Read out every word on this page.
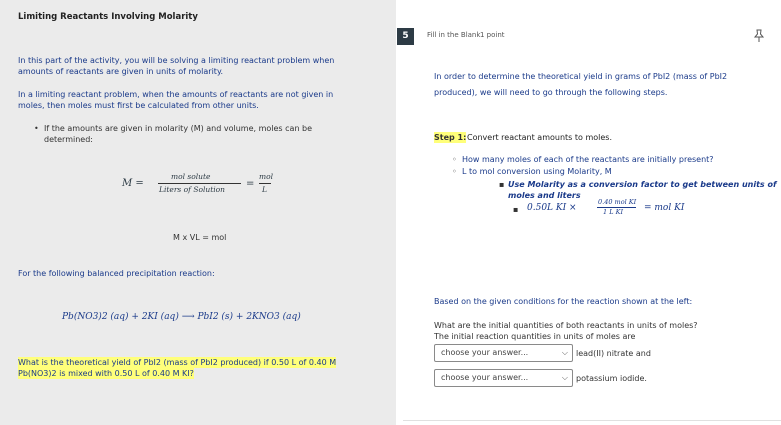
Limiting Reactants Involving Molarity
In this part of the activity, you will be solving a limiting reactant problem when
amounts of reactants are given in units of molarity.
In a limiting reactant problem, when the amounts of reactants are not given in
moles, then moles must first be calculated from other units.
• If the amounts are given in molarity (M) and volume, moles can be
determined:
M =
mol solute
Liters of Solution
=
mol
L
M x VL = mol
For the following balanced precipitation reaction:
Pb(NO3)2 (aq) + 2KI (aq) ⟶ PbI2 (s) + 2KNO3 (aq)
What is the theoretical yield of PbI2 (mass of PbI2 produced) if 0.50 L of 0.40 M
Pb(NO3)2 is mixed with 0.50 L of 0.40 M KI?
5	Fill in the Blank 1 point
In order to determine the theoretical yield in grams of PbI2 (mass of PbI2
produced), we will need to go through the following steps.
Step 1: Convert reactant amounts to moles.
◦ How many moles of each of the reactants are initially present?
◦ L to mol conversion using Molarity, M
▪ Use Molarity as a conversion factor to get between units of
moles and liters
▪ 0.50L KI ×
0.40 mol KI
1 L KI = mol KI
Based on the given conditions for the reaction shown at the left:
What are the initial quantities of both reactants in units of moles?
The initial reaction quantities in units of moles are
choose your answer...	⌵ lead(II) nitrate and
choose your answer...	⌵ potassium iodide.
